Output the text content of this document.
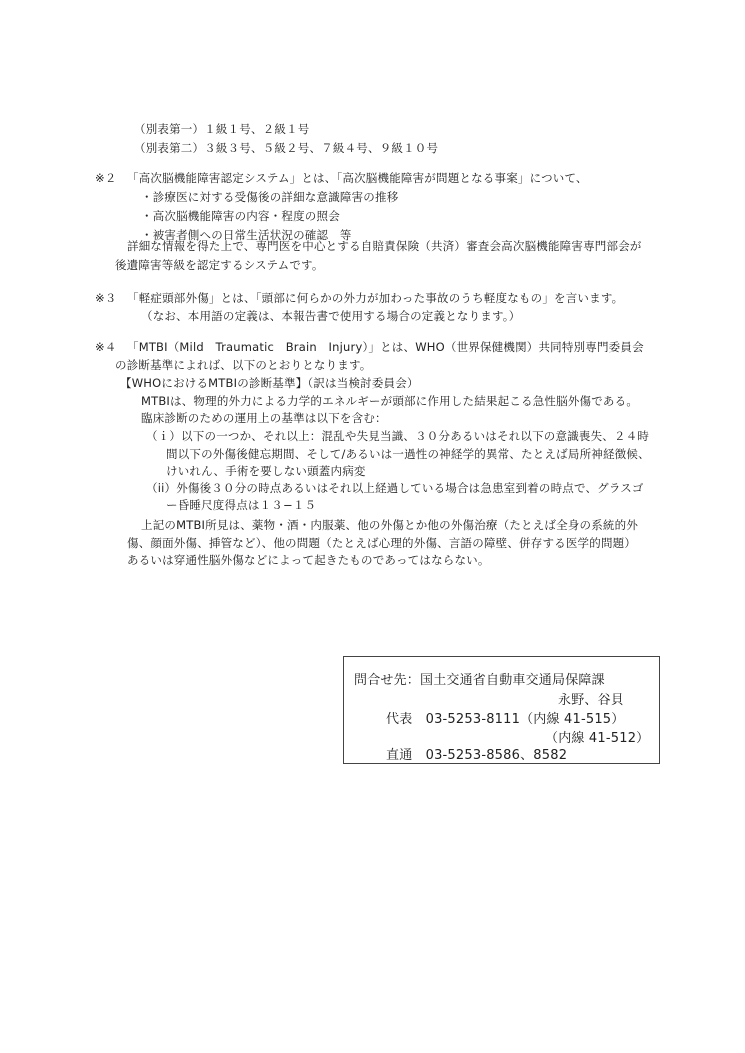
（別表第一）１級１号、２級１号
（別表第二）３級３号、５級２号、７級４号、９級１０号
※２ 「高次脳機能障害認定システム」とは、「高次脳機能障害が問題となる事案」について、
・診療医に対する受傷後の詳細な意識障害の推移
・高次脳機能障害の内容・程度の照会
・被害者側への日常生活状況の確認　等
詳細な情報を得た上で、専門医を中心とする自賠責保険（共済）審査会高次脳機能障害専門部会が
後遺障害等級を認定するシステムです。
※３ 「軽症頭部外傷」とは、「頭部に何らかの外力が加わった事故のうち軽度なもの」を言います。
（なお、本用語の定義は、本報告書で使用する場合の定義となります。）
※４ 「MTBI（Mild　Traumatic　Brain　Injury）」とは、WHO（世界保健機関）共同特別専門委員会
の診断基準によれば、以下のとおりとなります。
【WHOにおけるMTBIの診断基準】（訳は当検討委員会）
MTBIは、物理的外力による力学的エネルギーが頭部に作用した結果起こる急性脳外傷である。
臨床診断のための運用上の基準は以下を含む：
（ｉ）以下の一つか、それ以上：混乱や失見当識、３０分あるいはそれ以下の意識喪失、２４時
間以下の外傷後健忘期間、そして/あるいは一過性の神経学的異常、たとえば局所神経徴候、
けいれん、手術を要しない頭蓋内病変
（ii）外傷後３０分の時点あるいはそれ以上経過している場合は急患室到着の時点で、グラスゴ
ー昏睡尺度得点は１３−１５
上記のMTBI所見は、薬物・酒・内服薬、他の外傷とか他の外傷治療（たとえば全身の系統的外
傷、顔面外傷、挿管など）、他の問題（たとえば心理的外傷、言語の障壁、併存する医学的問題）
あるいは穿通性脳外傷などによって起きたものであってはならない。
問合せ先：国土交通省自動車交通局保障課
永野、谷貝
代表　03-5253-8111（内線 41-515）
（内線 41-512）
直通　03-5253-8586、8582
